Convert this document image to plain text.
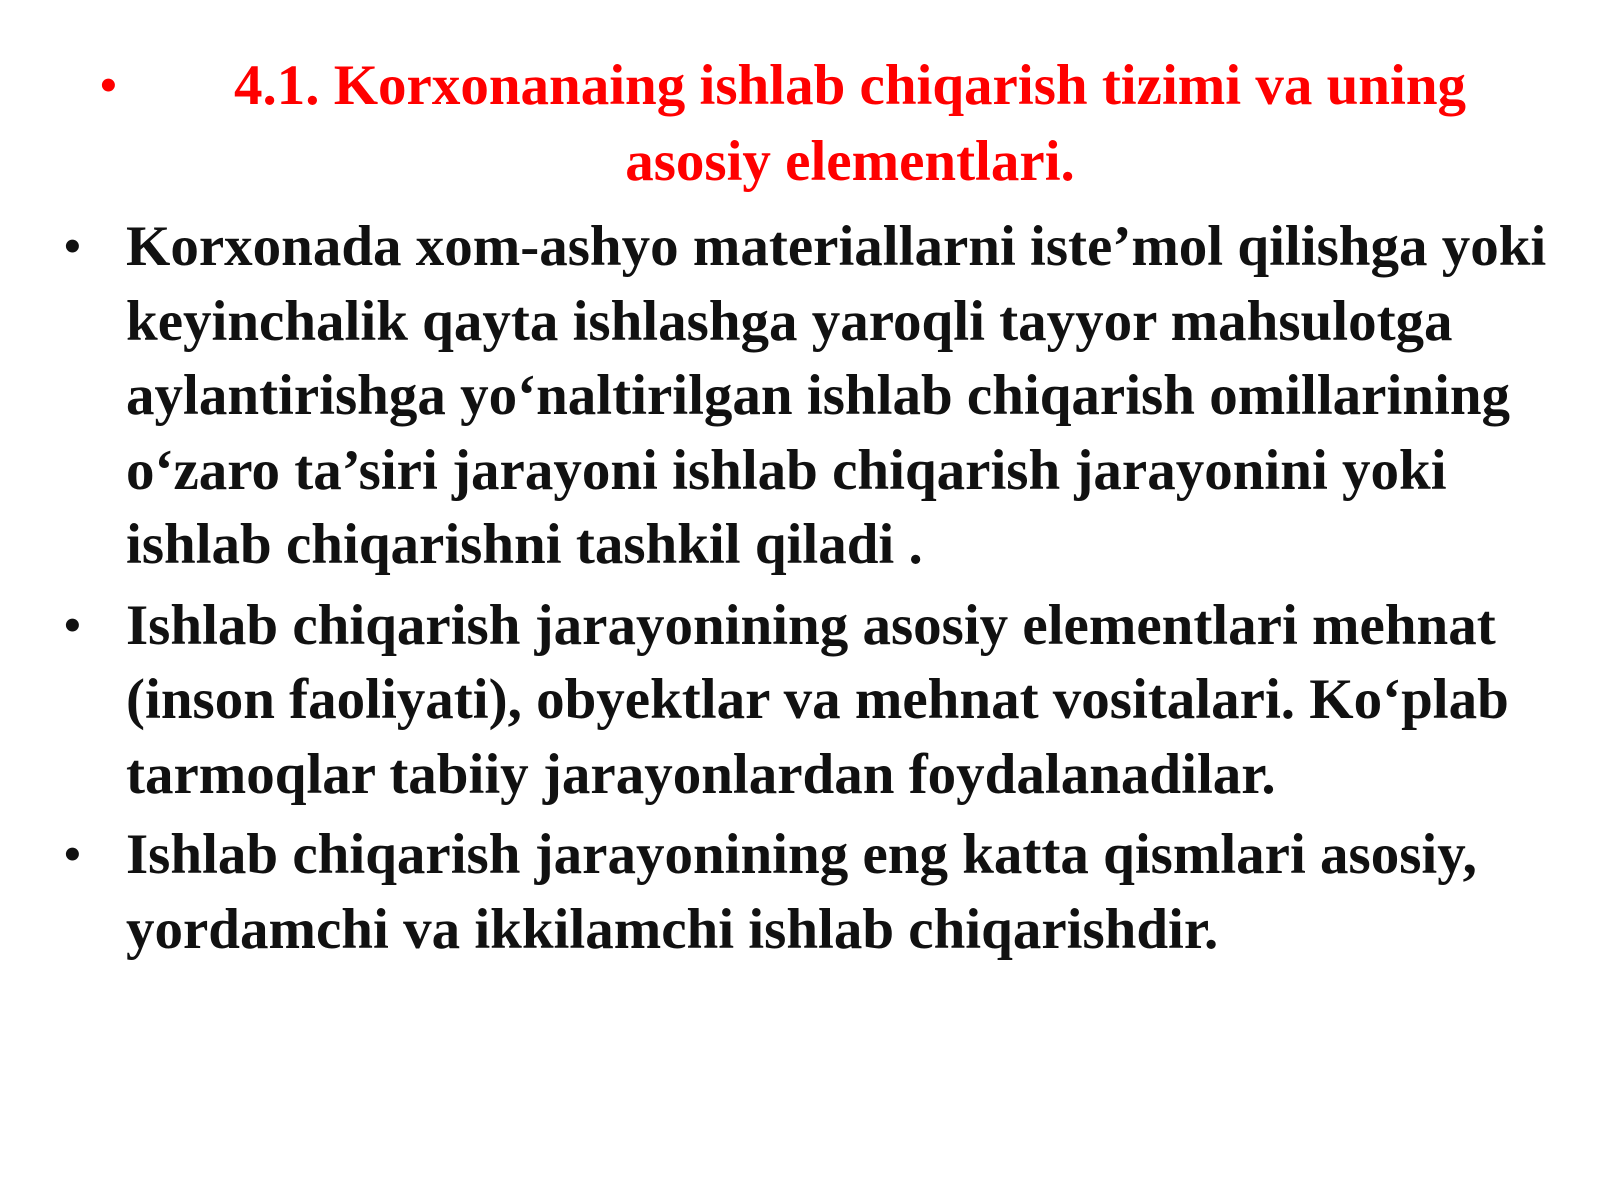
•	4.1. Korxonanaing ishlab chiqarish tizimi va uning asosiy elementlari.
• Korxonada xom-ashyo materiallarni iste’mol qilishga yoki keyinchalik qayta ishlashga yaroqli tayyor mahsulotga aylantirishga yo‘naltirilgan ishlab chiqarish omillarining o‘zaro ta’siri jarayoni ishlab chiqarish jarayonini yoki ishlab chiqarishni tashkil qiladi .
• Ishlab chiqarish jarayonining asosiy elementlari mehnat (inson faoliyati), obyektlar va mehnat vositalari. Ko‘plab tarmoqlar tabiiy jarayonlardan foydalanadilar.
• Ishlab chiqarish jarayonining eng katta qismlari asosiy, yordamchi va ikkilamchi ishlab chiqarishdir.
